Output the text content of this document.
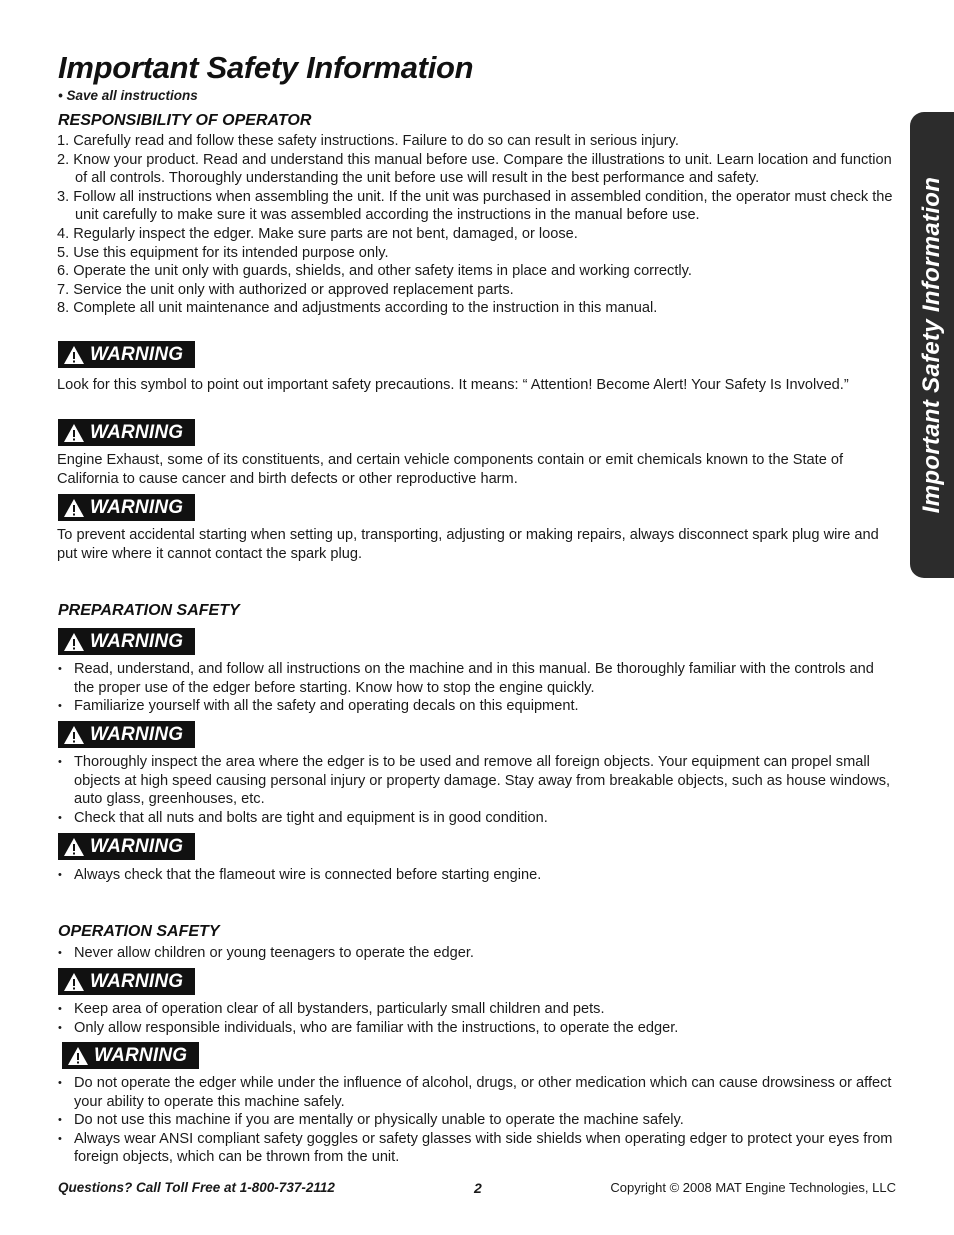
Important Safety Information
• Save all instructions
Important Safety Information
RESPONSIBILITY OF OPERATOR
1. Carefully read and follow these safety instructions. Failure to do so can result in serious injury.
2. Know your product. Read and understand this manual before use. Compare the illustrations to unit. Learn location and function of all controls. Thoroughly understanding the unit before use will result in the best performance and safety.
3. Follow all instructions when assembling the unit. If the unit was purchased in assembled condition, the operator must check the unit carefully to make sure it was assembled according the instructions in the manual before use.
4. Regularly inspect the edger. Make sure parts are not bent, damaged, or loose.
5. Use this equipment for its intended purpose only.
6. Operate the unit only with guards, shields, and other safety items in place and working correctly.
7. Service the unit only with authorized or approved replacement parts.
8. Complete all unit maintenance and adjustments according to the instruction in this manual.
WARNING

Look for this symbol to point out important safety precautions. It means: “ Attention! Become Alert! Your Safety Is Involved.”

WARNING

Engine Exhaust, some of its constituents, and certain vehicle components contain or emit chemicals known to the State of California to cause cancer and birth defects or other reproductive harm.

WARNING

To prevent accidental starting when setting up, transporting, adjusting or making repairs, always disconnect spark plug wire and put wire where it cannot contact the spark plug.

PREPARATION SAFETY
WARNING
• Read, understand, and follow all instructions on the machine and in this manual. Be thoroughly familiar with the controls and the proper use of the edger before starting. Know how to stop the engine quickly.
• Familiarize yourself with all the safety and operating decals on this equipment.
WARNING
• Thoroughly inspect the area where the edger is to be used and remove all foreign objects. Your equipment can propel small objects at high speed causing personal injury or property damage. Stay away from breakable objects, such as house windows, auto glass, greenhouses, etc.
• Check that all nuts and bolts are tight and equipment is in good condition.
WARNING
• Always check that the flameout wire is connected before starting engine.
OPERATION SAFETY
• Never allow children or young teenagers to operate the edger.
WARNING
• Keep area of operation clear of all bystanders, particularly small children and pets.
• Only allow responsible individuals, who are familiar with the instructions, to operate the edger.
WARNING
• Do not operate the edger while under the influence of alcohol, drugs, or other medication which can cause drowsiness or affect your ability to operate this machine safely.
• Do not use this machine if you are mentally or physically unable to operate the machine safely.
• Always wear ANSI compliant safety goggles or safety glasses with side shields when operating edger to protect your eyes from foreign objects, which can be thrown from the unit.
Questions? Call Toll Free at 1-800-737-2112	2	Copyright © 2008 MAT Engine Technologies, LLC
